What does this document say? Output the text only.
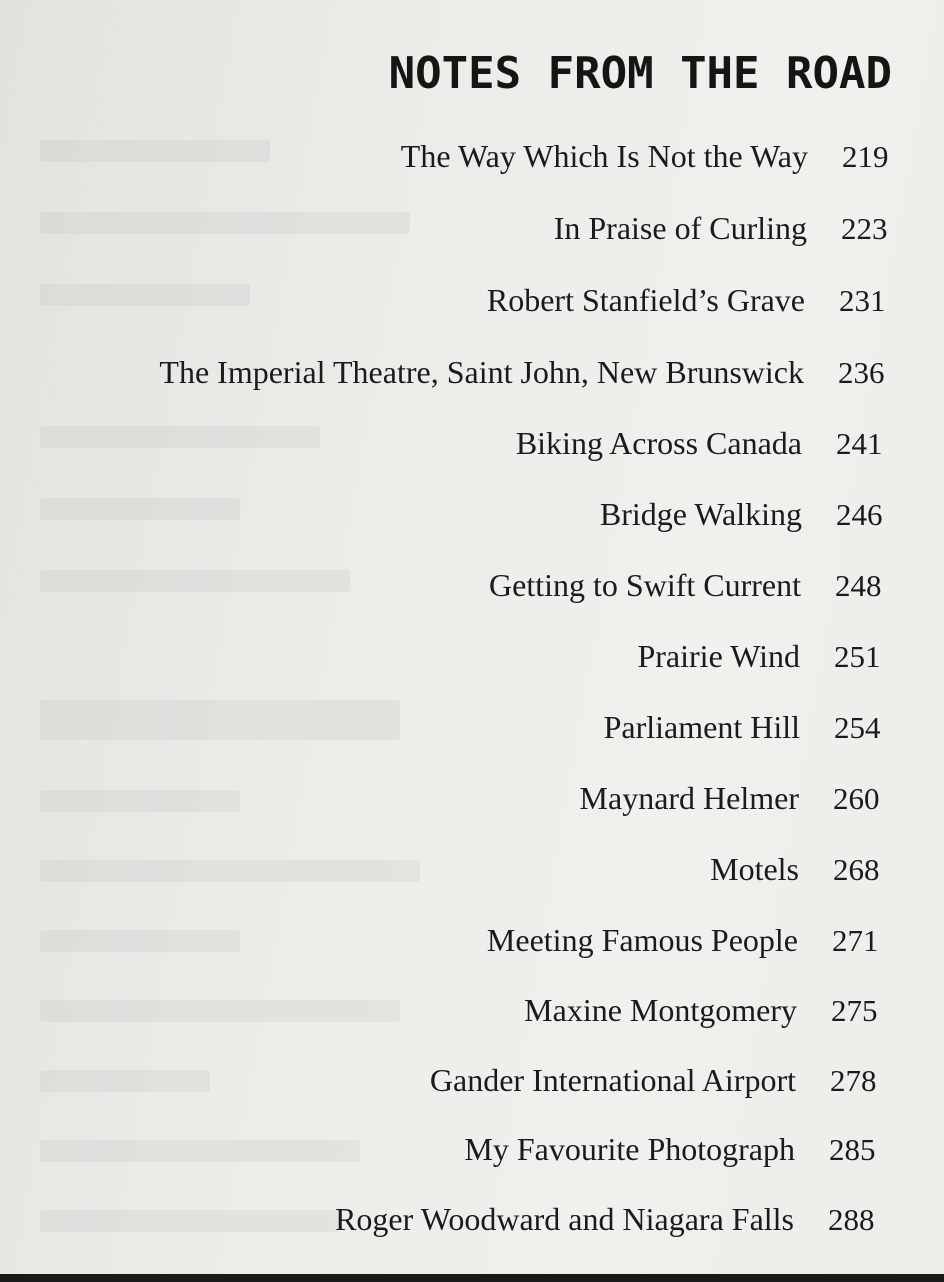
NOTES FROM THE ROAD
The Way Which Is Not the Way 219
In Praise of Curling 223
Robert Stanfield’s Grave 231
The Imperial Theatre, Saint John, New Brunswick 236
Biking Across Canada 241
Bridge Walking 246
Getting to Swift Current 248
Prairie Wind 251
Parliament Hill 254
Maynard Helmer 260
Motels 268
Meeting Famous People 271
Maxine Montgomery 275
Gander International Airport 278
My Favourite Photograph 285
Roger Woodward and Niagara Falls 288
